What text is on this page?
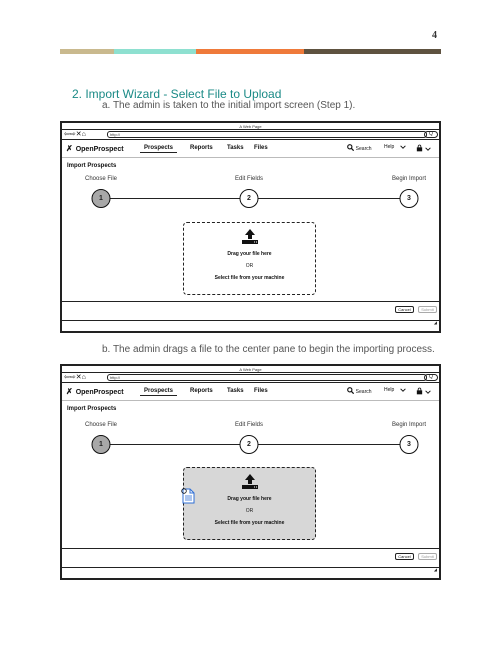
4
2. Import Wizard - Select File to Upload
a. The admin is taken to the initial import screen (Step 1).
A Web Page
⇦⇨✕⌂	http://	Q
✗ OpenProspect	Prospects	Reports Tasks Files	Search Help

Import Prospects
Choose File	Edit Fields	Begin Import
1	2	3
Drag your file here
OR
Select file from your machine
Cancel	Submit
◢
b. The admin drags a file to the center pane to begin the importing process.
A Web Page
⇦⇨✕⌂	http://	Q
✗ OpenProspect	Prospects	Reports Tasks Files	Search Help

Import Prospects
Choose File	Edit Fields	Begin Import
1	2	3
Drag your file here
OR
Select file from your machine
Cancel	Submit
◢
